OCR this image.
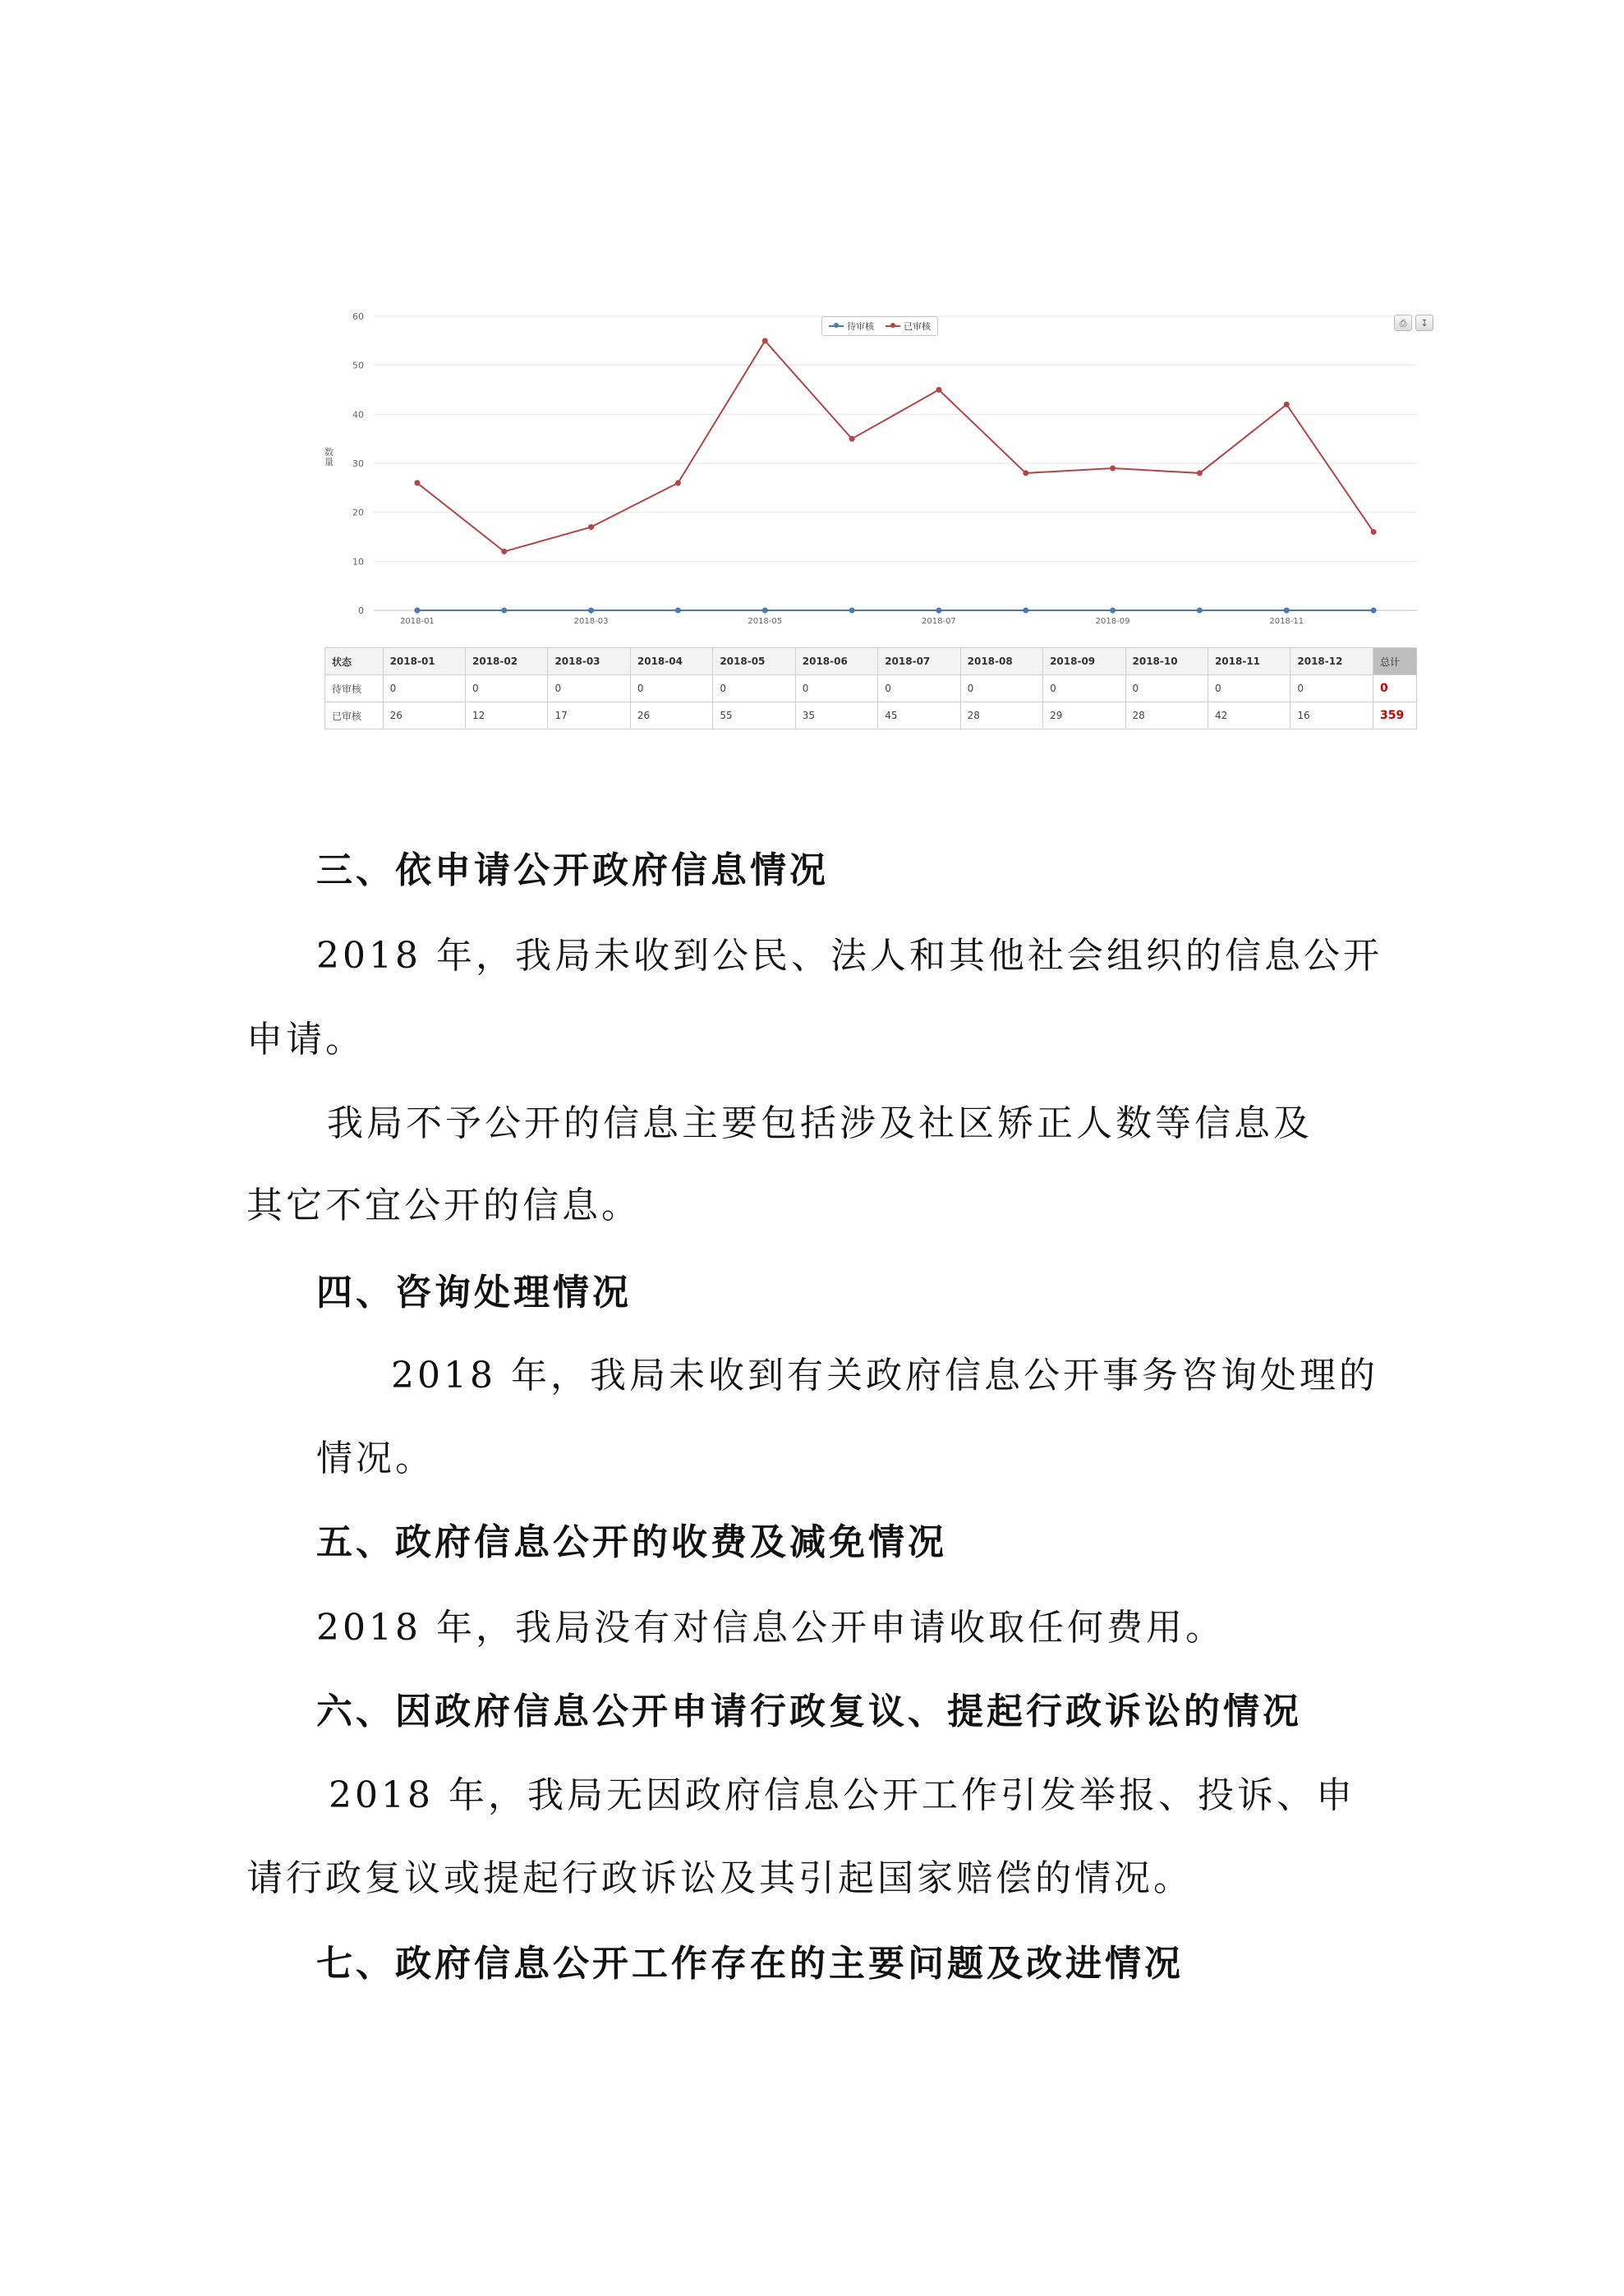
0
10
20
30
40
50
60
2018-01	2018-03	2018-05	2018-07	2018-09	2018-11
数量
待审核	已审核	⎙	↧
状态	2018-01	2018-02	2018-03	2018-04	2018-05	2018-06	2018-07	2018-08	2018-09	2018-10	2018-11	2018-12	总计
待审核	0	0	0	0	0	0	0	0	0	0	0	0	0
已审核	26	12	17	26	55	35	45	28	29	28	42	16	359
三、依申请公开政府信息情况
2018 年，我局未收到公民、法人和其他社会组织的信息公开
申请。
我局不予公开的信息主要包括涉及社区矫正人数等信息及
其它不宜公开的信息。
四、咨询处理情况
2018 年，我局未收到有关政府信息公开事务咨询处理的
情况。
五、政府信息公开的收费及减免情况
2018 年，我局没有对信息公开申请收取任何费用。
六、因政府信息公开申请行政复议、提起行政诉讼的情况
2018 年，我局无因政府信息公开工作引发举报、投诉、申
请行政复议或提起行政诉讼及其引起国家赔偿的情况。
七、政府信息公开工作存在的主要问题及改进情况
